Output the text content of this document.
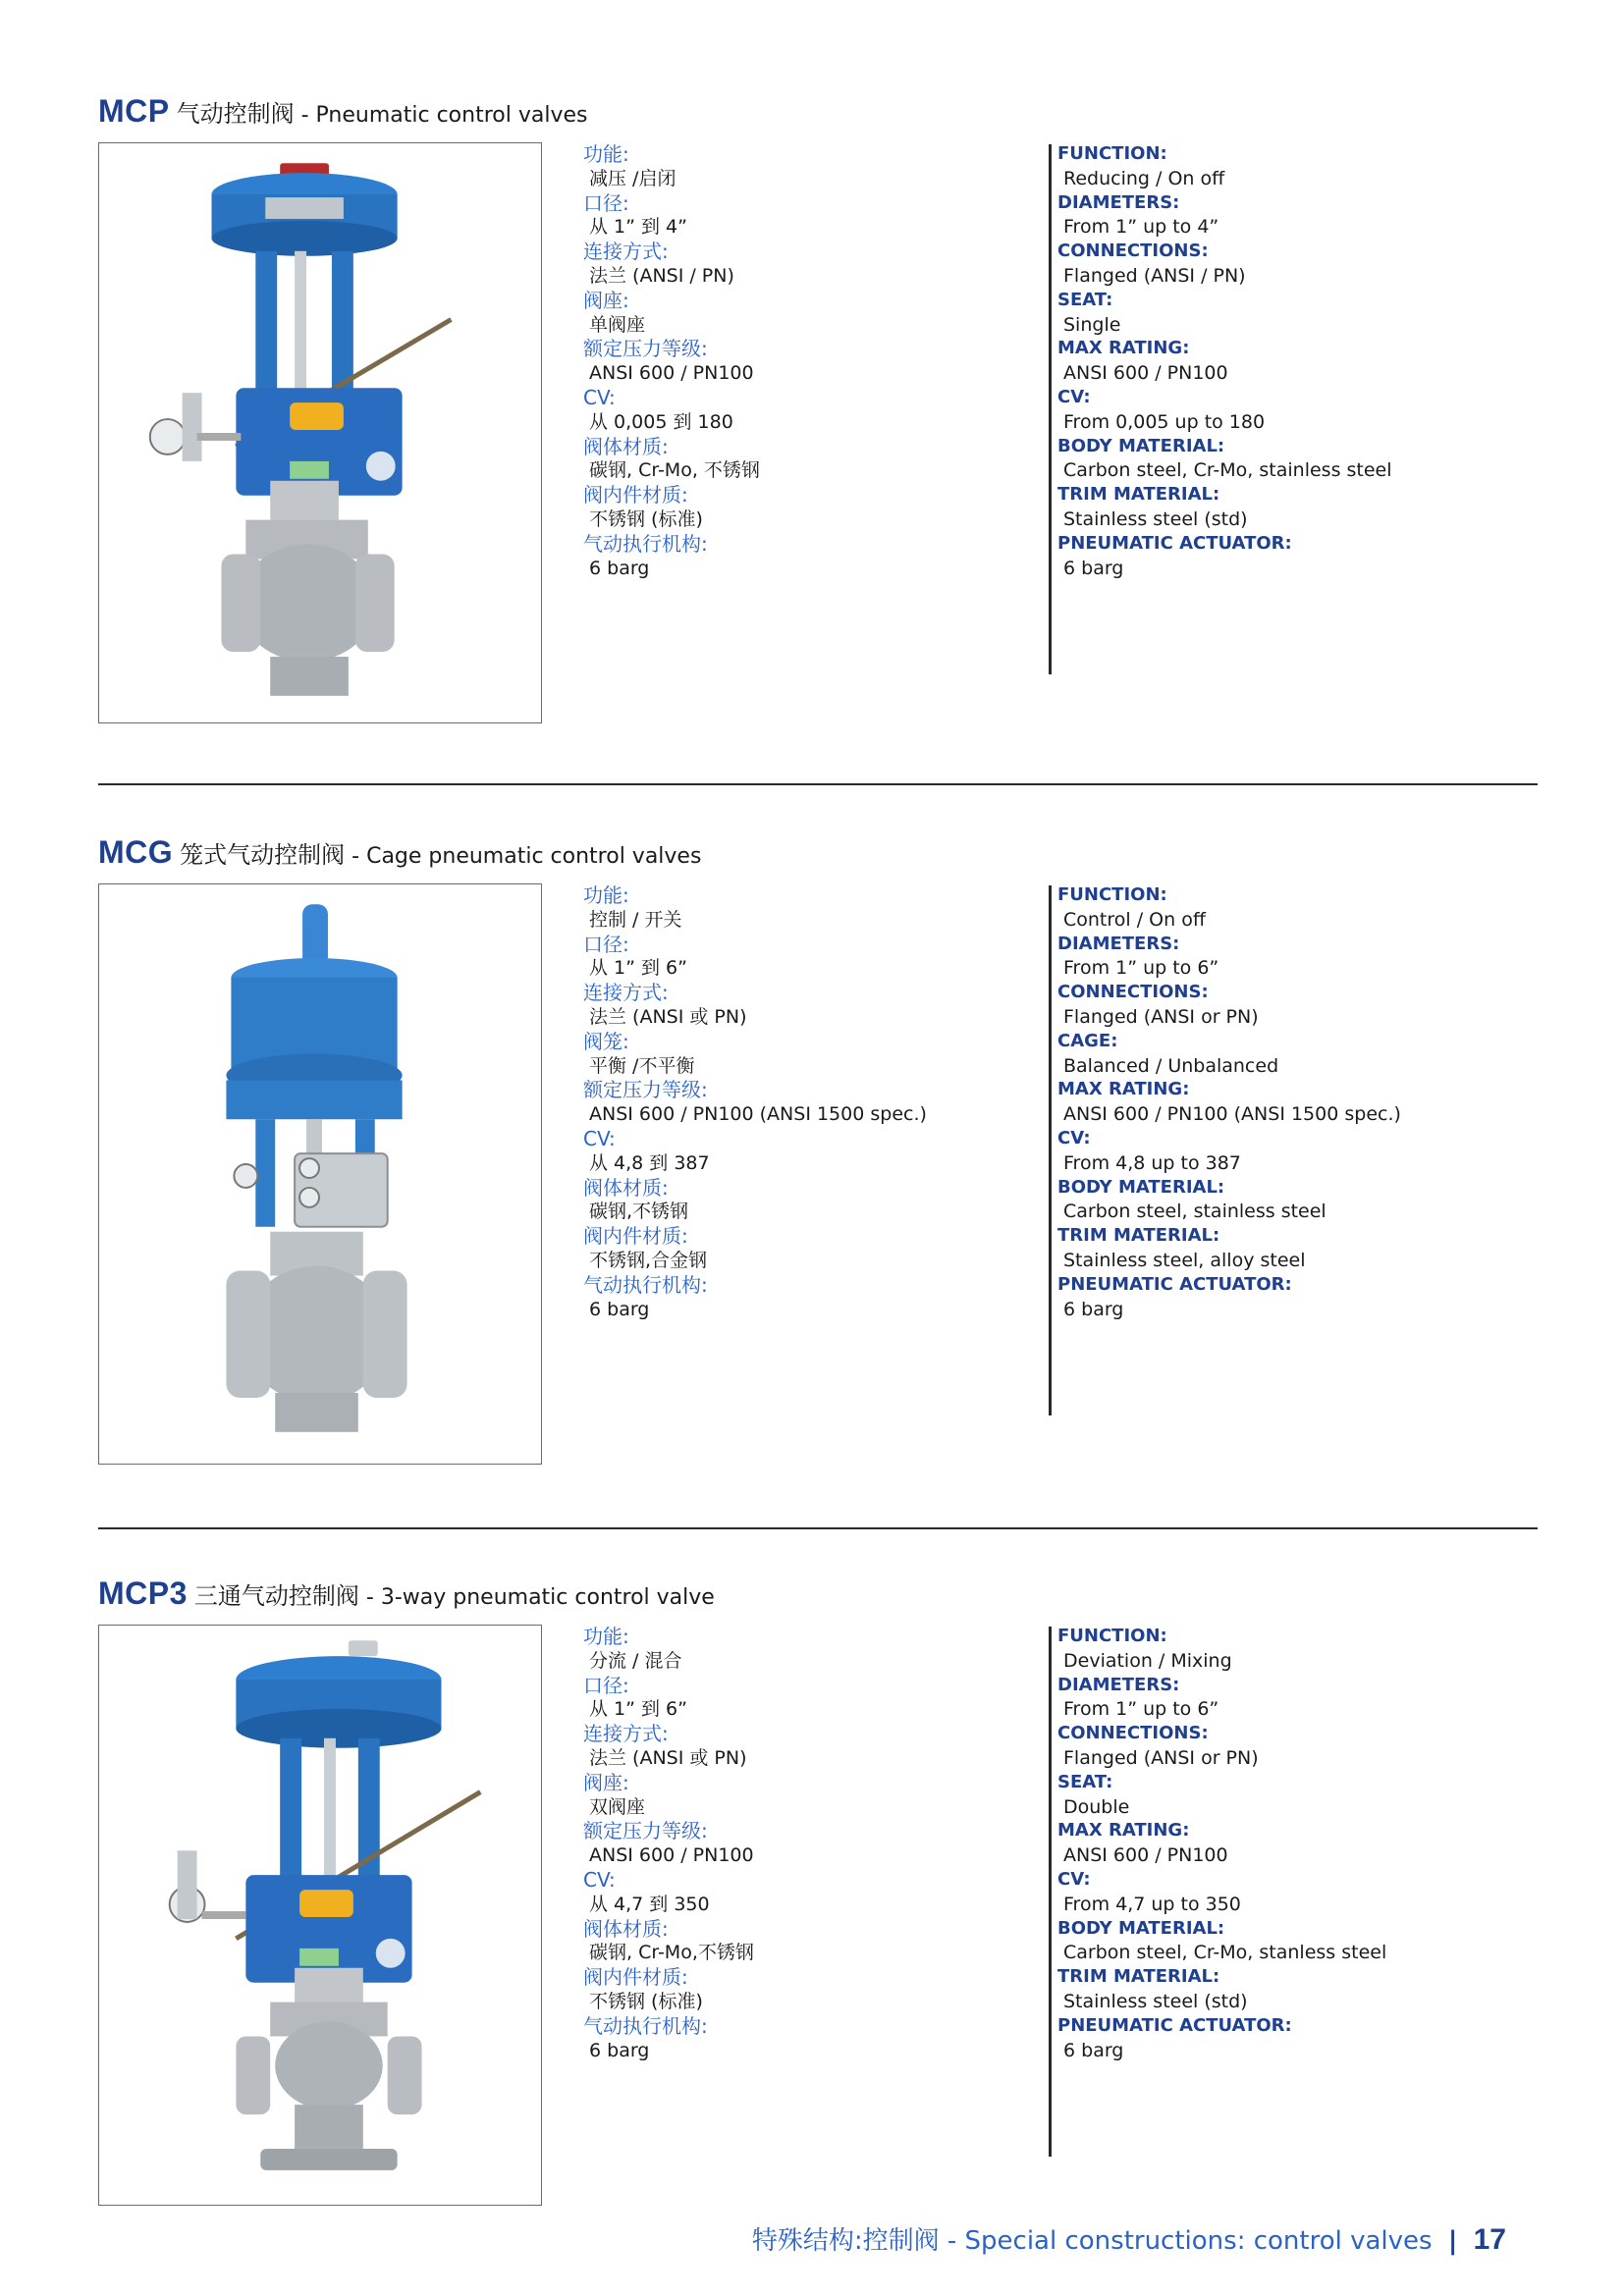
MCP 气动控制阀 - Pneumatic control valves
功能:
减压 /启闭
口径:
从 1” 到 4”
连接方式:
法兰 (ANSI / PN)
阀座:
单阀座
额定压力等级:
ANSI 600 / PN100
CV:
从 0,005 到 180
阀体材质:
碳钢, Cr-Mo, 不锈钢
阀内件材质:
不锈钢 (标准)
气动执行机构:
6 barg
FUNCTION:
Reducing / On off
DIAMETERS:
From 1” up to 4”
CONNECTIONS:
Flanged (ANSI / PN)
SEAT:
Single
MAX RATING:
ANSI 600 / PN100
CV:
From 0,005 up to 180
BODY MATERIAL:
Carbon steel, Cr-Mo, stainless steel
TRIM MATERIAL:
Stainless steel (std)
PNEUMATIC ACTUATOR:
6 barg
MCG 笼式气动控制阀 - Cage pneumatic control valves
功能:
控制 / 开关
口径:
从 1” 到 6”
连接方式:
法兰 (ANSI 或 PN)
阀笼:
平衡 /不平衡
额定压力等级:
ANSI 600 / PN100 (ANSI 1500 spec.)
CV:
从 4,8 到 387
阀体材质:
碳钢,不锈钢
阀内件材质:
不锈钢,合金钢
气动执行机构:
6 barg
FUNCTION:
Control / On off
DIAMETERS:
From 1” up to 6”
CONNECTIONS:
Flanged (ANSI or PN)
CAGE:
Balanced / Unbalanced
MAX RATING:
ANSI 600 / PN100 (ANSI 1500 spec.)
CV:
From 4,8 up to 387
BODY MATERIAL:
Carbon steel, stainless steel
TRIM MATERIAL:
Stainless steel, alloy steel
PNEUMATIC ACTUATOR:
6 barg
MCP3 三通气动控制阀 - 3-way pneumatic control valve
功能:
分流 / 混合
口径:
从 1” 到 6”
连接方式:
法兰 (ANSI 或 PN)
阀座:
双阀座
额定压力等级:
ANSI 600 / PN100
CV:
从 4,7 到 350
阀体材质:
碳钢, Cr-Mo,不锈钢
阀内件材质:
不锈钢 (标准)
气动执行机构:
6 barg
FUNCTION:
Deviation / Mixing
DIAMETERS:
From 1” up to 6”
CONNECTIONS:
Flanged (ANSI or PN)
SEAT:
Double
MAX RATING:
ANSI 600 / PN100
CV:
From 4,7 up to 350
BODY MATERIAL:
Carbon steel, Cr-Mo, stanless steel
TRIM MATERIAL:
Stainless steel (std)
PNEUMATIC ACTUATOR:
6 barg
特殊结构:控制阀 - Special constructions: control valves | 17
